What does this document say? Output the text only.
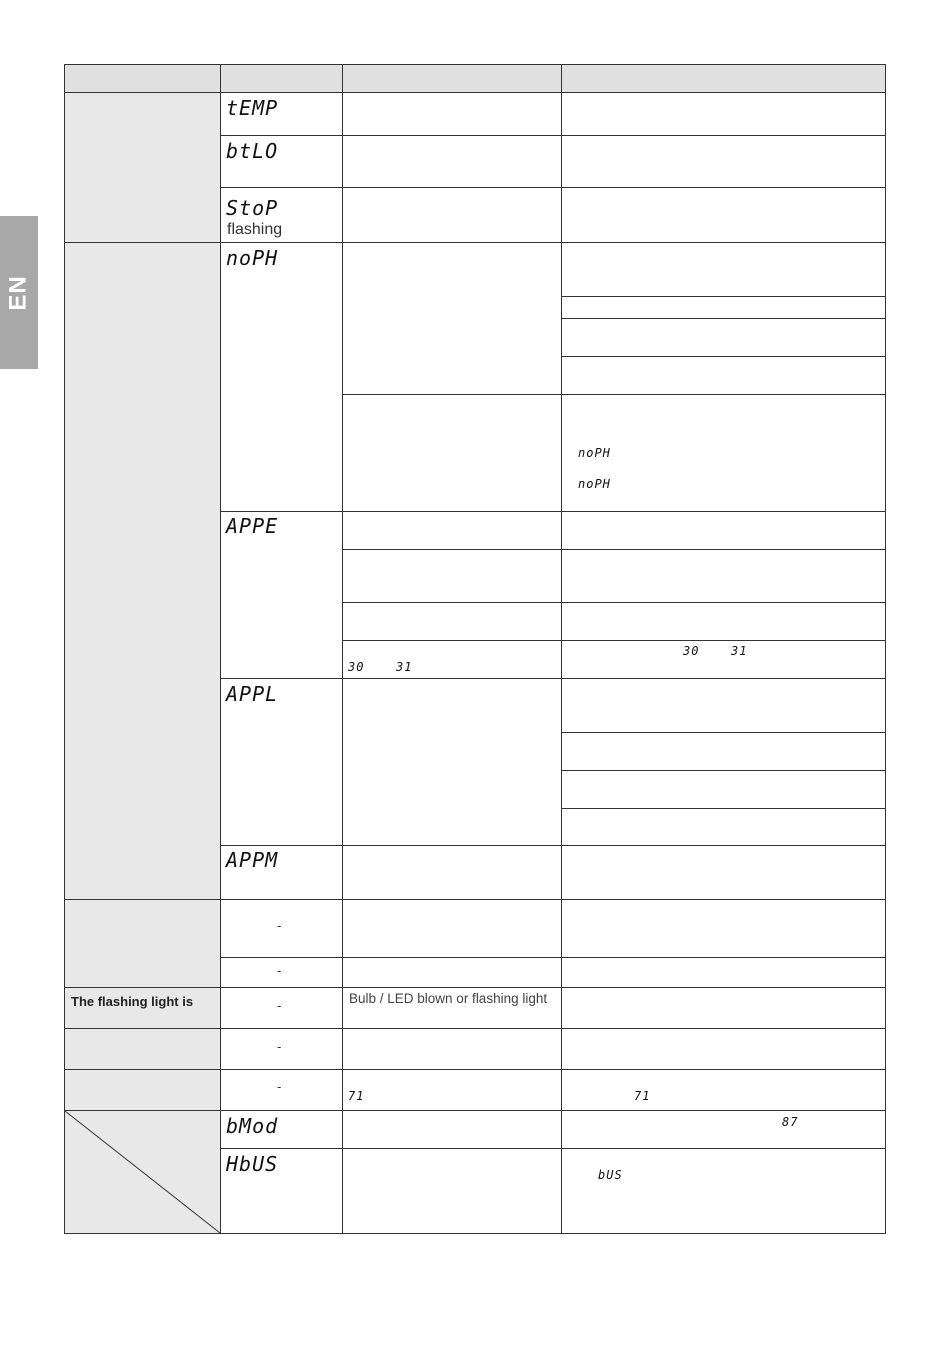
EN
The flashing light is
tEMP
btLO
StoP
flashing
noPH
APPE
APPL
APPM
bMod
HbUS
-
-
-
-
-
30	31
Bulb / LED blown or flashing light
71
noPH
noPH
30	31
71
87
bUS
